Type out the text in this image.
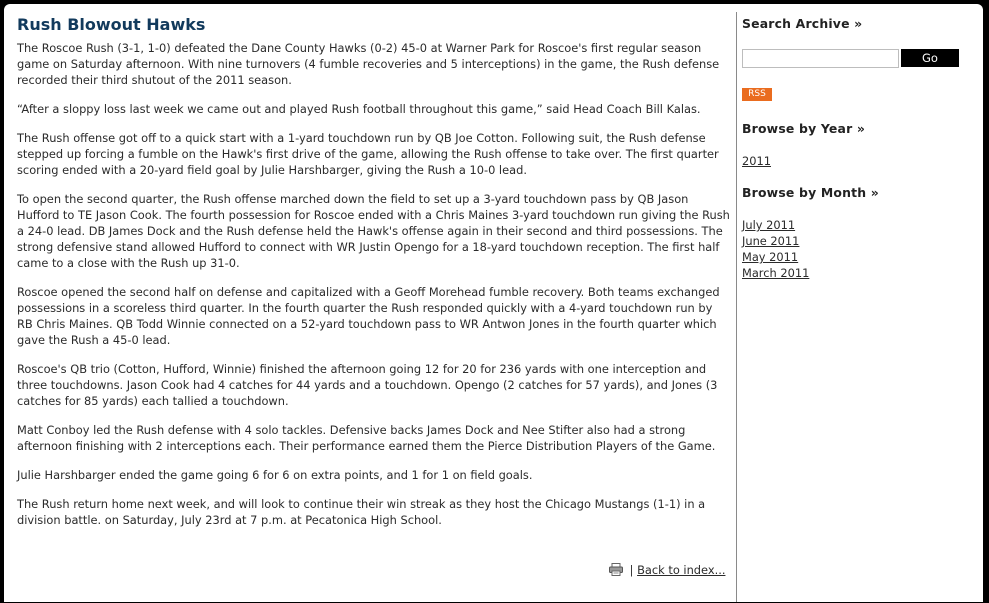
Rush Blowout Hawks

The Roscoe Rush (3-1, 1-0) defeated the Dane County Hawks (0-2) 45-0 at Warner Park for Roscoe's first regular season game on Saturday afternoon. With nine turnovers (4 fumble recoveries and 5 interceptions) in the game, the Rush defense recorded their third shutout of the 2011 season.

“After a sloppy loss last week we came out and played Rush football throughout this game,” said Head Coach Bill Kalas.

The Rush offense got off to a quick start with a 1-yard touchdown run by QB Joe Cotton. Following suit, the Rush defense stepped up forcing a fumble on the Hawk's first drive of the game, allowing the Rush offense to take over. The first quarter scoring ended with a 20-yard field goal by Julie Harshbarger, giving the Rush a 10-0 lead.

To open the second quarter, the Rush offense marched down the field to set up a 3-yard touchdown pass by QB Jason Hufford to TE Jason Cook. The fourth possession for Roscoe ended with a Chris Maines 3-yard touchdown run giving the Rush a 24-0 lead. DB James Dock and the Rush defense held the Hawk's offense again in their second and third possessions. The strong defensive stand allowed Hufford to connect with WR Justin Opengo for a 18-yard touchdown reception. The first half came to a close with the Rush up 31-0.

Roscoe opened the second half on defense and capitalized with a Geoff Morehead fumble recovery. Both teams exchanged possessions in a scoreless third quarter. In the fourth quarter the Rush responded quickly with a 4-yard touchdown run by RB Chris Maines. QB Todd Winnie connected on a 52-yard touchdown pass to WR Antwon Jones in the fourth quarter which gave the Rush a 45-0 lead.

Roscoe's QB trio (Cotton, Hufford, Winnie) finished the afternoon going 12 for 20 for 236 yards with one interception and three touchdowns. Jason Cook had 4 catches for 44 yards and a touchdown. Opengo (2 catches for 57 yards), and Jones (3 catches for 85 yards) each tallied a touchdown.

Matt Conboy led the Rush defense with 4 solo tackles. Defensive backs James Dock and Nee Stifter also had a strong afternoon finishing with 2 interceptions each. Their performance earned them the Pierce Distribution Players of the Game.

Julie Harshbarger ended the game going 6 for 6 on extra points, and 1 for 1 on field goals.

The Rush return home next week, and will look to continue their win streak as they host the Chicago Mustangs (1-1) in a division battle. on Saturday, July 23rd at 7 p.m. at Pecatonica High School.

| Back to index...
Search Archive »
Go
RSS
Browse by Year »
2011
Browse by Month »
July 2011
June 2011
May 2011
March 2011
